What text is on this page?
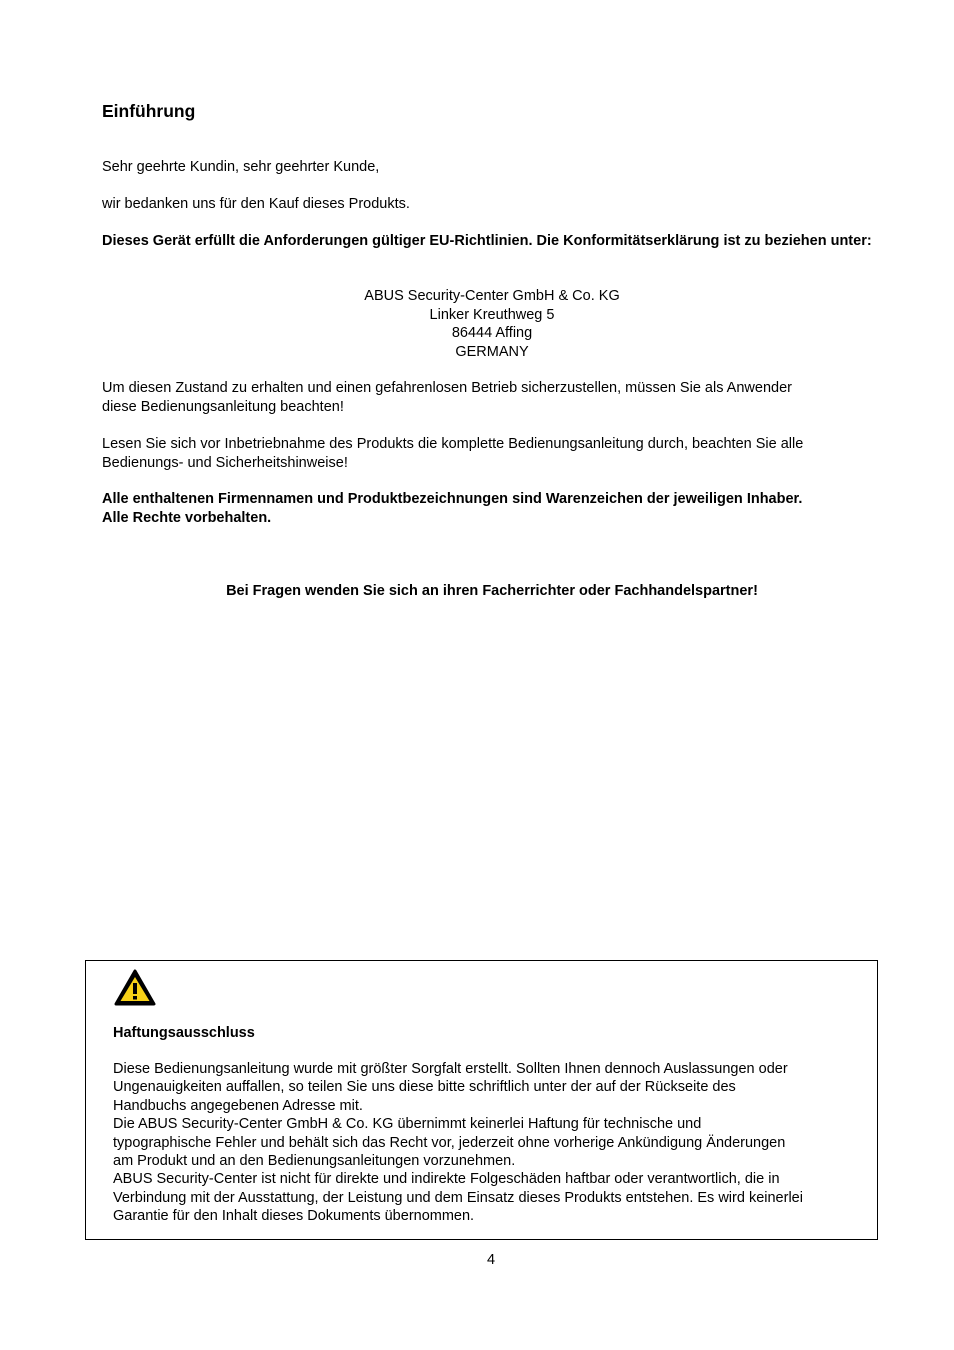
Einführung

Sehr geehrte Kundin, sehr geehrter Kunde,

wir bedanken uns für den Kauf dieses Produkts.

Dieses Gerät erfüllt die Anforderungen gültiger EU-Richtlinien. Die Konformitätserklärung ist zu beziehen unter:

ABUS Security-Center GmbH & Co. KG
Linker Kreuthweg 5
86444 Affing
GERMANY
Um diesen Zustand zu erhalten und einen gefahrenlosen Betrieb sicherzustellen, müssen Sie als Anwender
diese Bedienungsanleitung beachten!
Lesen Sie sich vor Inbetriebnahme des Produkts die komplette Bedienungsanleitung durch, beachten Sie alle
Bedienungs- und Sicherheitshinweise!
Alle enthaltenen Firmennamen und Produktbezeichnungen sind Warenzeichen der jeweiligen Inhaber.
Alle Rechte vorbehalten.

Bei Fragen wenden Sie sich an ihren Facherrichter oder Fachhandelspartner!

Haftungsausschluss

Diese Bedienungsanleitung wurde mit größter Sorgfalt erstellt. Sollten Ihnen dennoch Auslassungen oder
Ungenauigkeiten auffallen, so teilen Sie uns diese bitte schriftlich unter der auf der Rückseite des
Handbuchs angegebenen Adresse mit.
Die ABUS Security-Center GmbH & Co. KG übernimmt keinerlei Haftung für technische und
typographische Fehler und behält sich das Recht vor, jederzeit ohne vorherige Ankündigung Änderungen
am Produkt und an den Bedienungsanleitungen vorzunehmen.
ABUS Security-Center ist nicht für direkte und indirekte Folgeschäden haftbar oder verantwortlich, die in
Verbindung mit der Ausstattung, der Leistung und dem Einsatz dieses Produkts entstehen. Es wird keinerlei
Garantie für den Inhalt dieses Dokuments übernommen.

4
